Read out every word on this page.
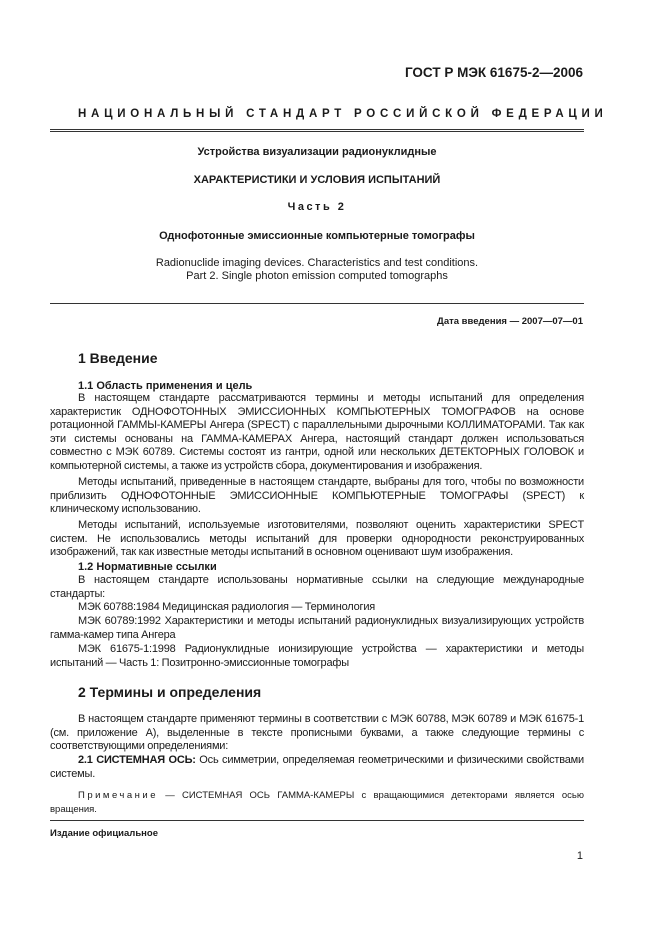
ГОСТ Р МЭК 61675-2—2006
НАЦИОНАЛЬНЫЙ СТАНДАРТ РОССИЙСКОЙ ФЕДЕРАЦИИ
Устройства визуализации радионуклидные
ХАРАКТЕРИСТИКИ И УСЛОВИЯ ИСПЫТАНИЙ
Часть 2
Однофотонные эмиссионные компьютерные томографы
Radionuclide imaging devices. Characteristics and test conditions.
Part 2. Single photon emission computed tomographs
Дата введения — 2007—07—01
1 Введение
1.1 Область применения и цель
В настоящем стандарте рассматриваются термины и методы испытаний для определения характеристик ОДНОФОТОННЫХ ЭМИССИОННЫХ КОМПЬЮТЕРНЫХ ТОМОГРАФОВ на основе ротационной ГАММЫ-КАМЕРЫ Ангера (SPECT) с параллельными дырочными КОЛЛИМАТОРАМИ. Так как эти системы основаны на ГАММА-КАМЕРАХ Ангера, настоящий стандарт должен использоваться совместно с МЭК 60789. Системы состоят из гантри, одной или нескольких ДЕТЕКТОРНЫХ ГОЛОВОК и компьютерной системы, а также из устройств сбора, документирования и изображения.
Методы испытаний, приведенные в настоящем стандарте, выбраны для того, чтобы по возможности приблизить ОДНОФОТОННЫЕ ЭМИССИОННЫЕ КОМПЬЮТЕРНЫЕ ТОМОГРАФЫ (SPECT) к клиническому использованию.
Методы испытаний, используемые изготовителями, позволяют оценить характеристики SPECT систем. Не использовались методы испытаний для проверки однородности реконструированных изображений, так как известные методы испытаний в основном оценивают шум изображения.
1.2 Нормативные ссылки
В настоящем стандарте использованы нормативные ссылки на следующие международные стандарты:
МЭК 60788:1984 Медицинская радиология — Терминология
МЭК 60789:1992 Характеристики и методы испытаний радионуклидных визуализирующих устройств гамма-камер типа Ангера
МЭК 61675-1:1998 Радионуклидные ионизирующие устройства — характеристики и методы испытаний — Часть 1: Позитронно-эмиссионные томографы
2 Термины и определения
В настоящем стандарте применяют термины в соответствии с МЭК 60788, МЭК 60789 и МЭК 61675-1 (см. приложение А), выделенные в тексте прописными буквами, а также следующие термины с соответствующими определениями:
2.1 СИСТЕМНАЯ ОСЬ: Ось симметрии, определяемая геометрическими и физическими свойствами системы.
Примечание — СИСТЕМНАЯ ОСЬ ГАММА-КАМЕРЫ с вращающимися детекторами является осью вращения.
Издание официальное
1
